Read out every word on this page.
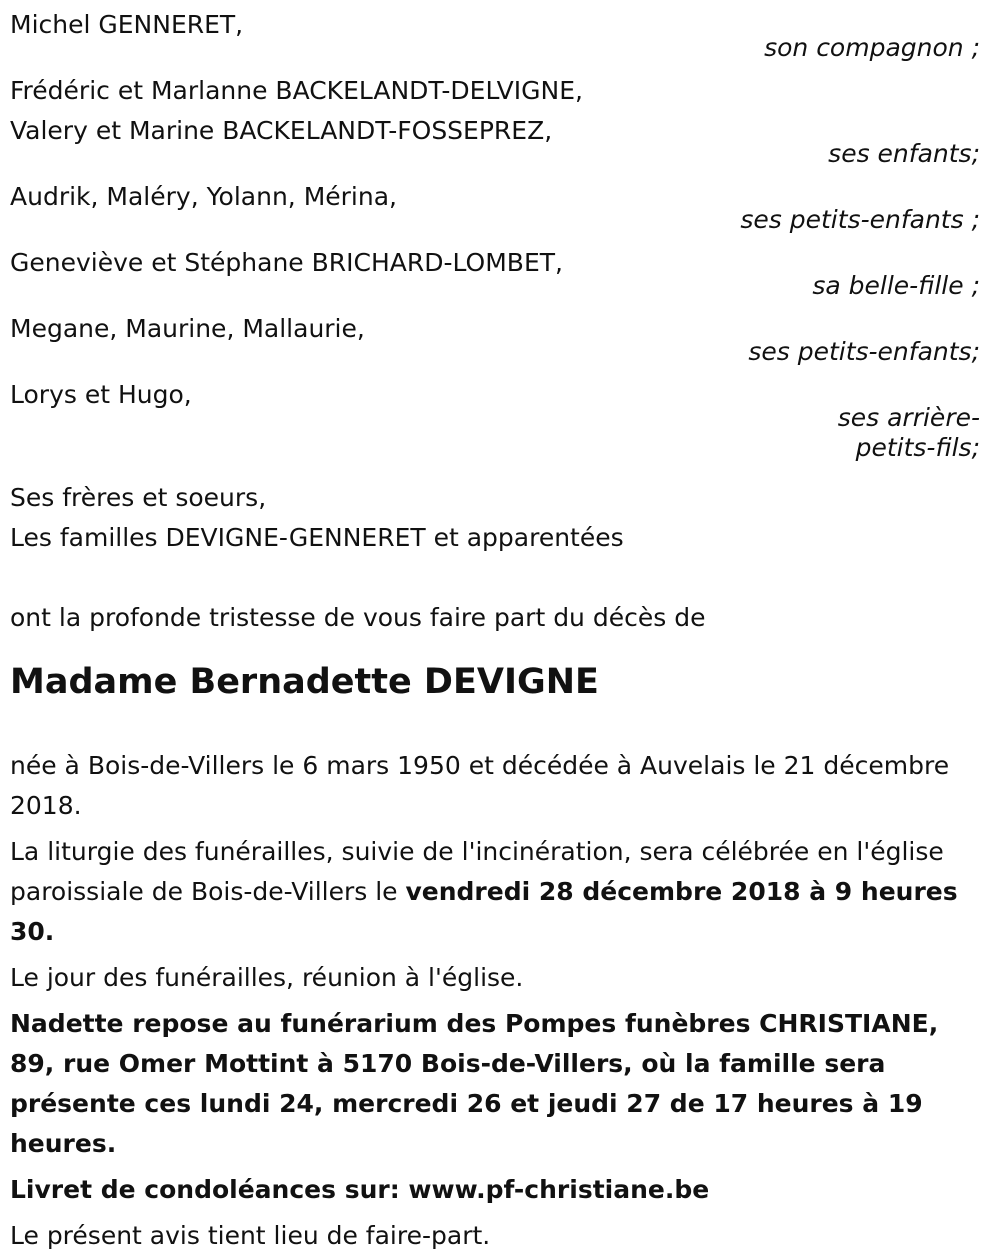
Michel GENNERET,

son compagnon ;

Frédéric et Marlanne BACKELANDT-DELVIGNE,

Valery et Marine BACKELANDT-FOSSEPREZ,

ses enfants;

Audrik, Maléry, Yolann, Mérina,

ses petits-enfants ;

Geneviève et Stéphane BRICHARD-LOMBET,

sa belle-fille ;

Megane, Maurine, Mallaurie,

ses petits-enfants;

Lorys et Hugo,

ses arrière-

petits-fils;

Ses frères et soeurs,

Les familles DEVIGNE-GENNERET et apparentées

ont la profonde tristesse de vous faire part du décès de

Madame Bernadette DEVIGNE

née à Bois-de-Villers le 6 mars 1950 et décédée à Auvelais le 21 décembre 2018.

La liturgie des funérailles, suivie de l'incinération, sera célébrée en l'église paroissiale de Bois-de-Villers le vendredi 28 décembre 2018 à 9 heures 30.

Le jour des funérailles, réunion à l'église.

Nadette repose au funérarium des Pompes funèbres CHRISTIANE, 89, rue Omer Mottint à 5170 Bois-de-Villers, où la famille sera présente ces lundi 24, mercredi 26 et jeudi 27 de 17 heures à 19 heures.

Livret de condoléances sur: www.pf-christiane.be

Le présent avis tient lieu de faire-part.
